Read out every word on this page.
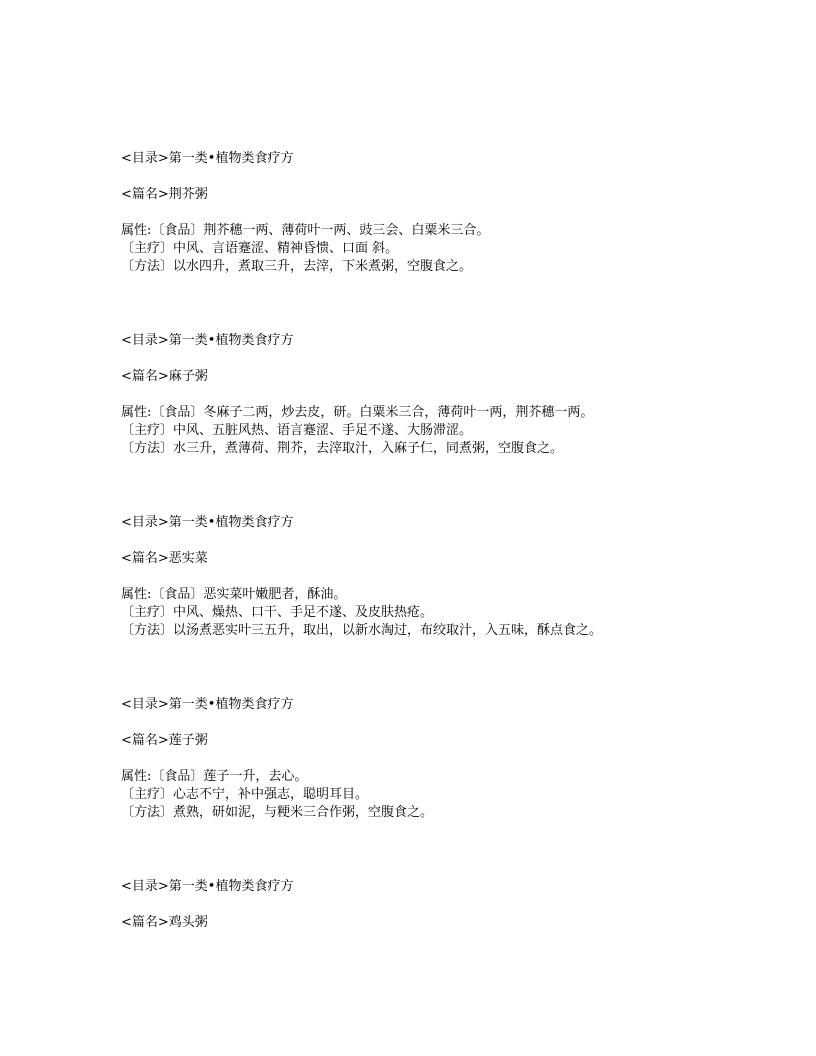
<目录>第一类•植物类食疗方
<篇名>荆芥粥
属性:〔食品〕荆芥穗一两、薄荷叶一两、豉三会、白粟米三合。
〔主疗〕中风、言语蹇涩、精神昏愦、口面 斜。
〔方法〕以水四升，煮取三升，去滓，下米煮粥，空腹食之。
<目录>第一类•植物类食疗方
<篇名>麻子粥
属性:〔食品〕冬麻子二两，炒去皮，研。白粟米三合，薄荷叶一两，荆芥穗一两。
〔主疗〕中风、五脏风热、语言蹇涩、手足不遂、大肠滞涩。
〔方法〕水三升，煮薄荷、荆芥，去滓取汁，入麻子仁，同煮粥，空腹食之。
<目录>第一类•植物类食疗方
<篇名>恶实菜
属性:〔食品〕恶实菜叶嫩肥者，酥油。
〔主疗〕中风、燥热、口干、手足不遂、及皮肤热疮。
〔方法〕以汤煮恶实叶三五升，取出，以新水淘过，布绞取汁，入五味，酥点食之。
<目录>第一类•植物类食疗方
<篇名>莲子粥
属性:〔食品〕莲子一升，去心。
〔主疗〕心志不宁，补中强志，聪明耳目。
〔方法〕煮熟，研如泥，与粳米三合作粥，空腹食之。
<目录>第一类•植物类食疗方
<篇名>鸡头粥
